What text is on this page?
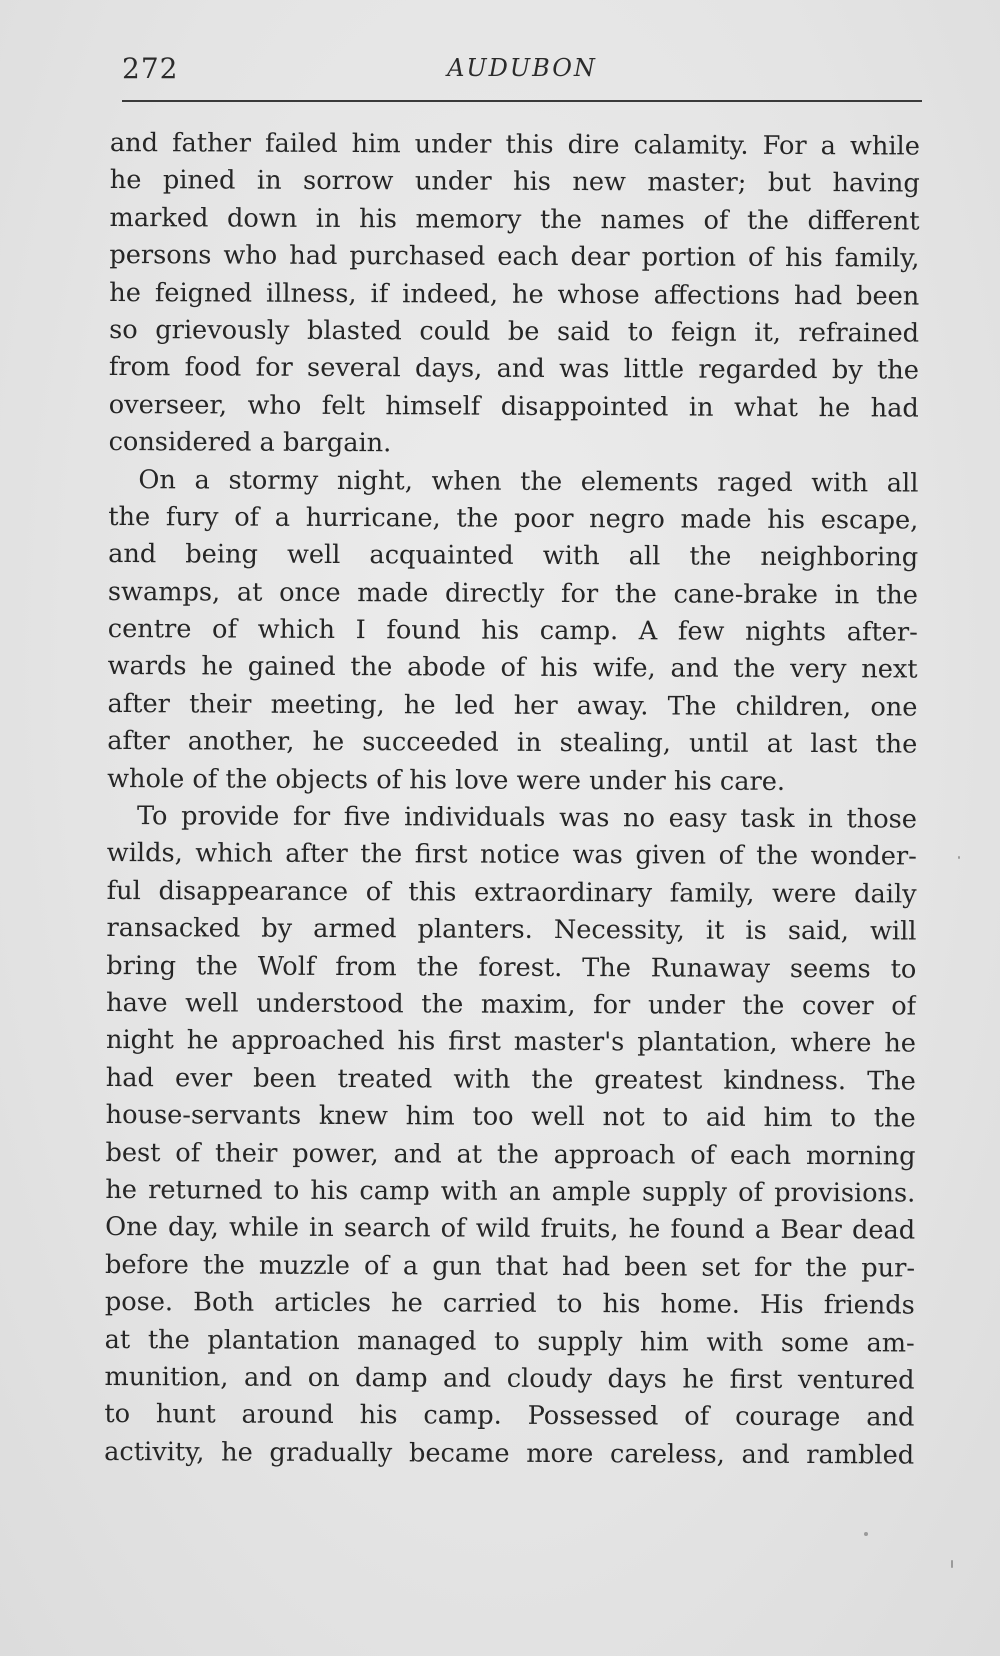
272	AUDUBON
and father failed him under this dire calamity. For a while
he pined in sorrow under his new master; but having
marked down in his memory the names of the different
persons who had purchased each dear portion of his family,
he feigned illness, if indeed, he whose affections had been
so grievously blasted could be said to feign it, refrained
from food for several days, and was little regarded by the
overseer, who felt himself disappointed in what he had
considered a bargain.
On a stormy night, when the elements raged with all
the fury of a hurricane, the poor negro made his escape,
and being well acquainted with all the neighboring
swamps, at once made directly for the cane-brake in the
centre of which I found his camp. A few nights after-
wards he gained the abode of his wife, and the very next
after their meeting, he led her away. The children, one
after another, he succeeded in stealing, until at last the
whole of the objects of his love were under his care.
To provide for five individuals was no easy task in those
wilds, which after the first notice was given of the wonder-
ful disappearance of this extraordinary family, were daily
ransacked by armed planters. Necessity, it is said, will
bring the Wolf from the forest. The Runaway seems to
have well understood the maxim, for under the cover of
night he approached his first master's plantation, where he
had ever been treated with the greatest kindness. The
house-servants knew him too well not to aid him to the
best of their power, and at the approach of each morning
he returned to his camp with an ample supply of provisions.
One day, while in search of wild fruits, he found a Bear dead
before the muzzle of a gun that had been set for the pur-
pose. Both articles he carried to his home. His friends
at the plantation managed to supply him with some am-
munition, and on damp and cloudy days he first ventured
to hunt around his camp. Possessed of courage and
activity, he gradually became more careless, and rambled
